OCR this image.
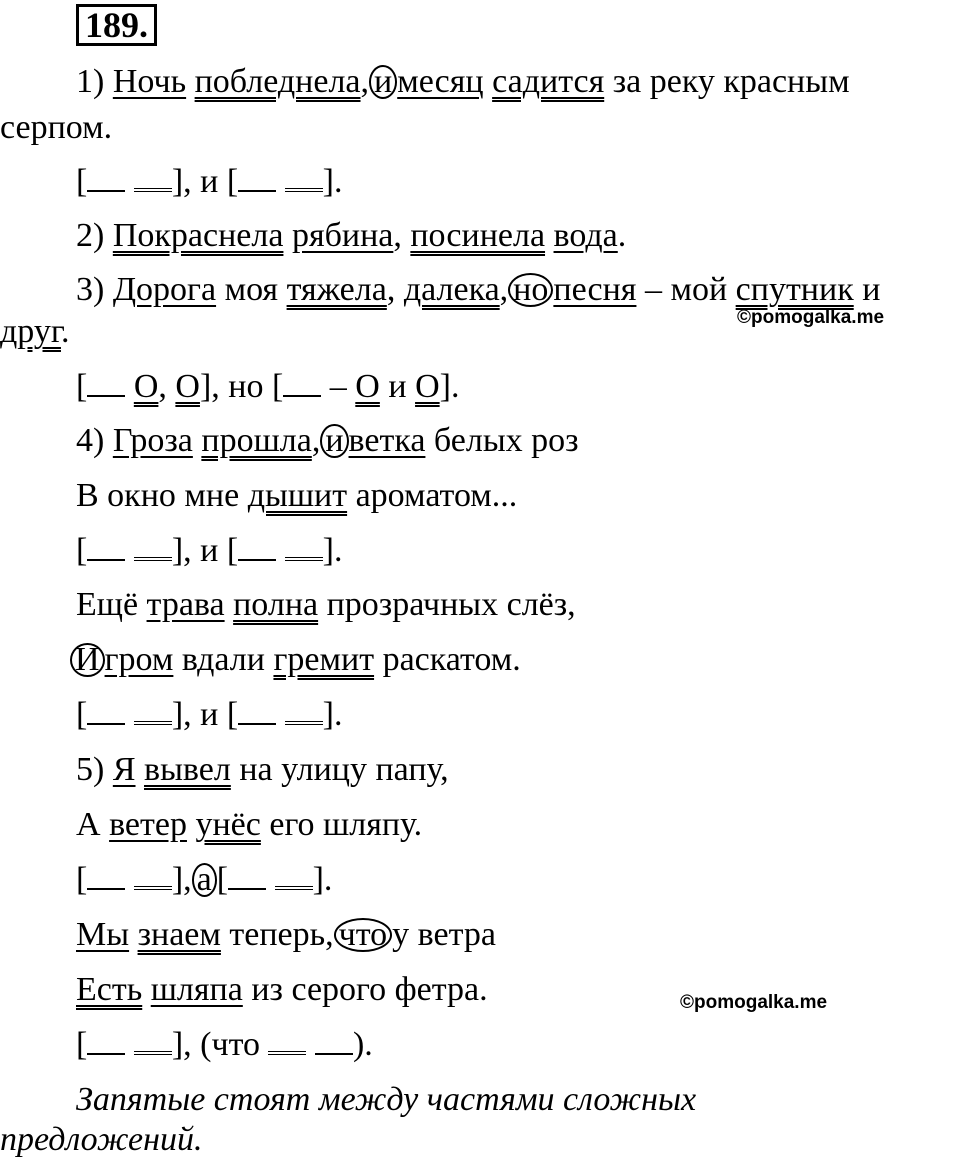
189.
1) Ночь побледнела, и месяц садится за реку красным
серпом.
[ ], и [ ].
2) Покраснела рябина, посинела вода.
3) Дорога моя тяжела, далека, но песня – мой спутник и
друг.	©pomogalka.me
[ О, О], но [ – О и О].
4) Гроза прошла, и ветка белых роз
В окно мне дышит ароматом...
[ ], и [ ].
Ещё трава полна прозрачных слёз,
И гром вдали гремит раскатом.
[ ], и [ ].
5) Я вывел на улицу папу,
А ветер унёс его шляпу.
[ ], а [ ].
Мы знаем теперь, что у ветра
Есть шляпа из серого фетра.	©pomogalka.me
[ ], (что  ).
Запятые стоят между частями сложных
предложений.
